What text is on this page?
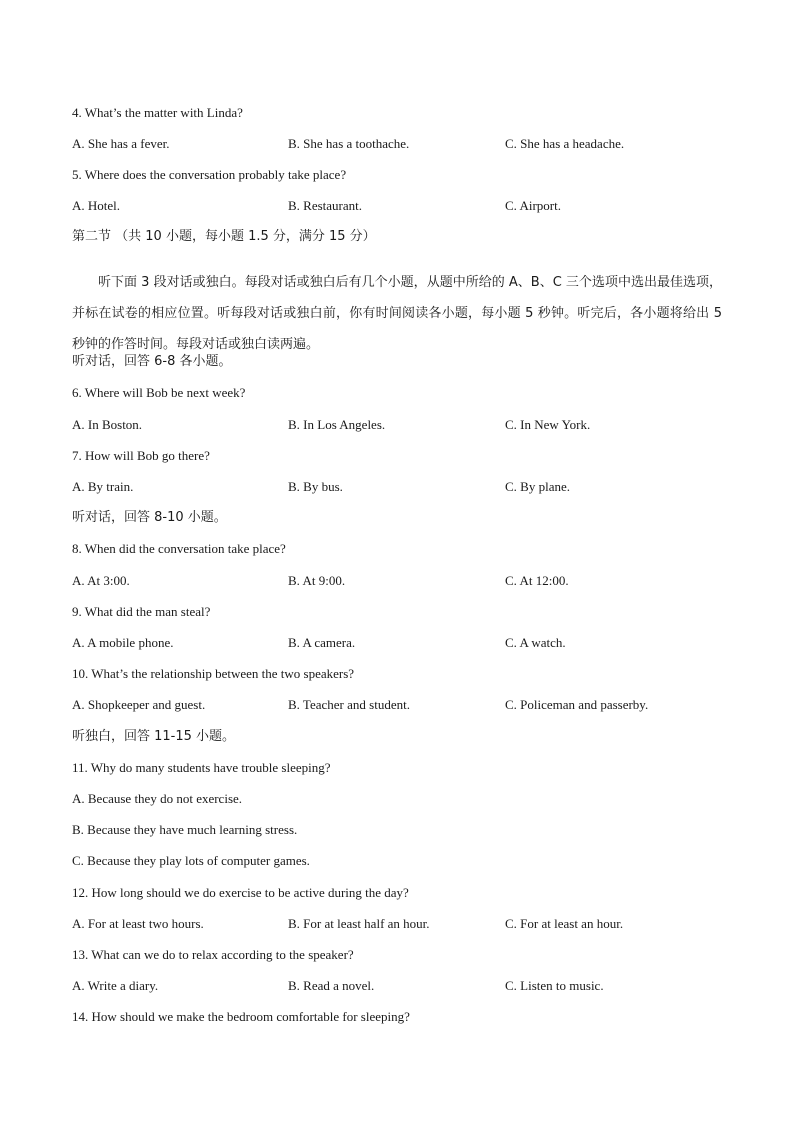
4. What’s the matter with Linda?
A. She has a fever.	B. She has a toothache.	C. She has a headache.
5. Where does the conversation probably take place?
A. Hotel.	B. Restaurant.	C. Airport.
第二节 （共 10 小题，每小题 1.5 分，满分 15 分）
听下面 3 段对话或独白。每段对话或独白后有几个小题，从题中所给的 A、B、C 三个选项中选出最佳选项，并标在试卷的相应位置。听每段对话或独白前，你有时间阅读各小题，每小题 5 秒钟。听完后，各小题将给出 5 秒钟的作答时间。每段对话或独白读两遍。
听对话，回答 6-8 各小题。
6. Where will Bob be next week?
A. In Boston.	B. In Los Angeles.	C. In New York.
7. How will Bob go there?
A. By train.	B. By bus.	C. By plane.
听对话，回答 8-10 小题。
8. When did the conversation take place?
A. At 3:00.	B. At 9:00.	C. At 12:00.
9. What did the man steal?
A. A mobile phone.	B. A camera.	C. A watch.
10. What’s the relationship between the two speakers?
A. Shopkeeper and guest.	B. Teacher and student.	C. Policeman and passerby.
听独白，回答 11-15 小题。
11. Why do many students have trouble sleeping?
A. Because they do not exercise.
B. Because they have much learning stress.
C. Because they play lots of computer games.
12. How long should we do exercise to be active during the day?
A. For at least two hours.	B. For at least half an hour.	C. For at least an hour.
13. What can we do to relax according to the speaker?
A. Write a diary.	B. Read a novel.	C. Listen to music.
14. How should we make the bedroom comfortable for sleeping?
